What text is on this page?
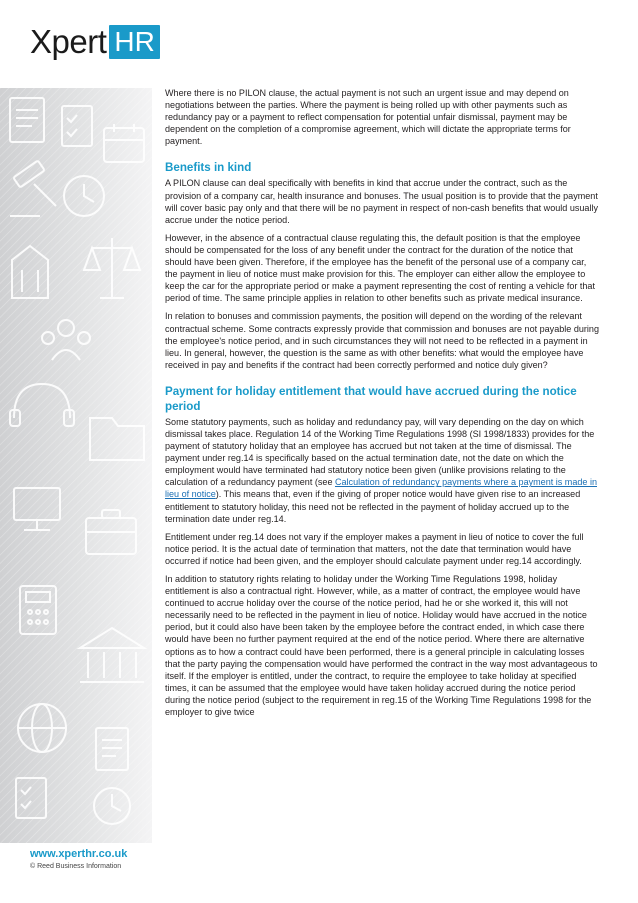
Xpert HR

Where there is no PILON clause, the actual payment is not such an urgent issue and may depend on negotiations between the parties. Where the payment is being rolled up with other payments such as redundancy pay or a payment to reflect compensation for potential unfair dismissal, payment may be dependent on the completion of a compromise agreement, which will dictate the appropriate terms for payment.

Benefits in kind

A PILON clause can deal specifically with benefits in kind that accrue under the contract, such as the provision of a company car, health insurance and bonuses. The usual position is to provide that the payment will cover basic pay only and that there will be no payment in respect of non-cash benefits that would usually accrue under the notice period.

However, in the absence of a contractual clause regulating this, the default position is that the employee should be compensated for the loss of any benefit under the contract for the duration of the notice that should have been given. Therefore, if the employee has the benefit of the personal use of a company car, the payment in lieu of notice must make provision for this. The employer can either allow the employee to keep the car for the appropriate period or make a payment representing the cost of renting a vehicle for that period of time. The same principle applies in relation to other benefits such as private medical insurance.

In relation to bonuses and commission payments, the position will depend on the wording of the relevant contractual scheme. Some contracts expressly provide that commission and bonuses are not payable during the employee's notice period, and in such circumstances they will not need to be reflected in a payment in lieu. In general, however, the question is the same as with other benefits: what would the employee have received in pay and benefits if the contract had been correctly performed and notice duly given?

Payment for holiday entitlement that would have accrued during the notice period

Some statutory payments, such as holiday and redundancy pay, will vary depending on the day on which dismissal takes place. Regulation 14 of the Working Time Regulations 1998 (SI 1998/1833) provides for the payment of statutory holiday that an employee has accrued but not taken at the time of dismissal. The payment under reg.14 is specifically based on the actual termination date, not the date on which the employment would have terminated had statutory notice been given (unlike provisions relating to the calculation of a redundancy payment (see Calculation of redundancy payments where a payment is made in lieu of notice). This means that, even if the giving of proper notice would have given rise to an increased entitlement to statutory holiday, this need not be reflected in the payment of holiday accrued up to the termination date under reg.14.

Entitlement under reg.14 does not vary if the employer makes a payment in lieu of notice to cover the full notice period. It is the actual date of termination that matters, not the date that termination would have occurred if notice had been given, and the employer should calculate payment under reg.14 accordingly.

In addition to statutory rights relating to holiday under the Working Time Regulations 1998, holiday entitlement is also a contractual right. However, while, as a matter of contract, the employee would have continued to accrue holiday over the course of the notice period, had he or she worked it, this will not necessarily need to be reflected in the payment in lieu of notice. Holiday would have accrued in the notice period, but it could also have been taken by the employee before the contract ended, in which case there would have been no further payment required at the end of the notice period. Where there are alternative options as to how a contract could have been performed, there is a general principle in calculating losses that the party paying the compensation would have performed the contract in the way most advantageous to itself. If the employer is entitled, under the contract, to require the employee to take holiday at specified times, it can be assumed that the employee would have taken holiday accrued during the notice period during the notice period (subject to the requirement in reg.15 of the Working Time Regulations 1998 for the employer to give twice

www.xperthr.co.uk
© Reed Business Information
